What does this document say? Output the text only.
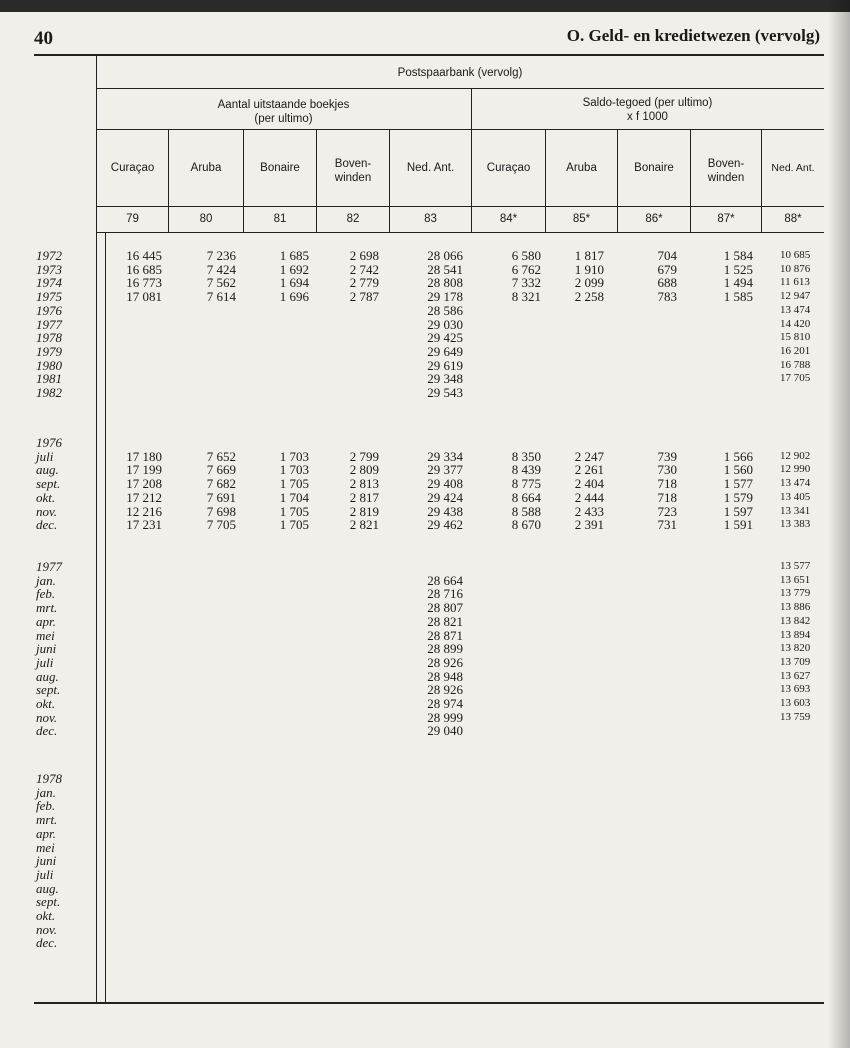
40	O. Geld- en kredietwezen (vervolg)
Postspaarbank (vervolg)
Aantal uitstaande boekjes
(per ultimo)
Saldo-tegoed (per ultimo)
x f 1000
Curaçao
79
Aruba
80
Bonaire
81
Boven-
winden
82
Ned. Ant.
83
Curaçao
84*
Aruba
85*
Bonaire
86*
Boven-
winden
87*
Ned. Ant.
88*
1972
1973
1974
1975
1976
1977
1978
1979
1980
1981
1982
16 445
16 685
16 773
17 081
7 236
7 424
7 562
7 614
1 685
1 692
1 694
1 696
2 698
2 742
2 779
2 787
28 066
28 541
28 808
29 178
28 586
29 030
29 425
29 649
29 619
29 348
29 543
6 580
6 762
7 332
8 321
1 817
1 910
2 099
2 258
704
679
688
783
1 584
1 525
1 494
1 585
10 685
10 876
11 613
12 947
13 474
14 420
15 810
16 201
16 788
17 705
1976
juli
aug.
sept.
okt.
nov.
dec.
17 180
17 199
17 208
17 212
12 216
17 231
7 652
7 669
7 682
7 691
7 698
7 705
1 703
1 703
1 705
1 704
1 705
1 705
2 799
2 809
2 813
2 817
2 819
2 821
29 334
29 377
29 408
29 424
29 438
29 462
8 350
8 439
8 775
8 664
8 588
8 670
2 247
2 261
2 404
2 444
2 433
2 391
739
730
718
718
723
731
1 566
1 560
1 577
1 579
1 597
1 591
12 902
12 990
13 474
13 405
13 341
13 383
1977
jan.
feb.
mrt.
apr.
mei
juni
juli
aug.
sept.
okt.
nov.
dec.
28 664
28 716
28 807
28 821
28 871
28 899
28 926
28 948
28 926
28 974
28 999
29 040
13 577
13 651
13 779
13 886
13 842
13 894
13 820
13 709
13 627
13 693
13 603
13 759
1978
jan.
feb.
mrt.
apr.
mei
juni
juli
aug.
sept.
okt.
nov.
dec.
